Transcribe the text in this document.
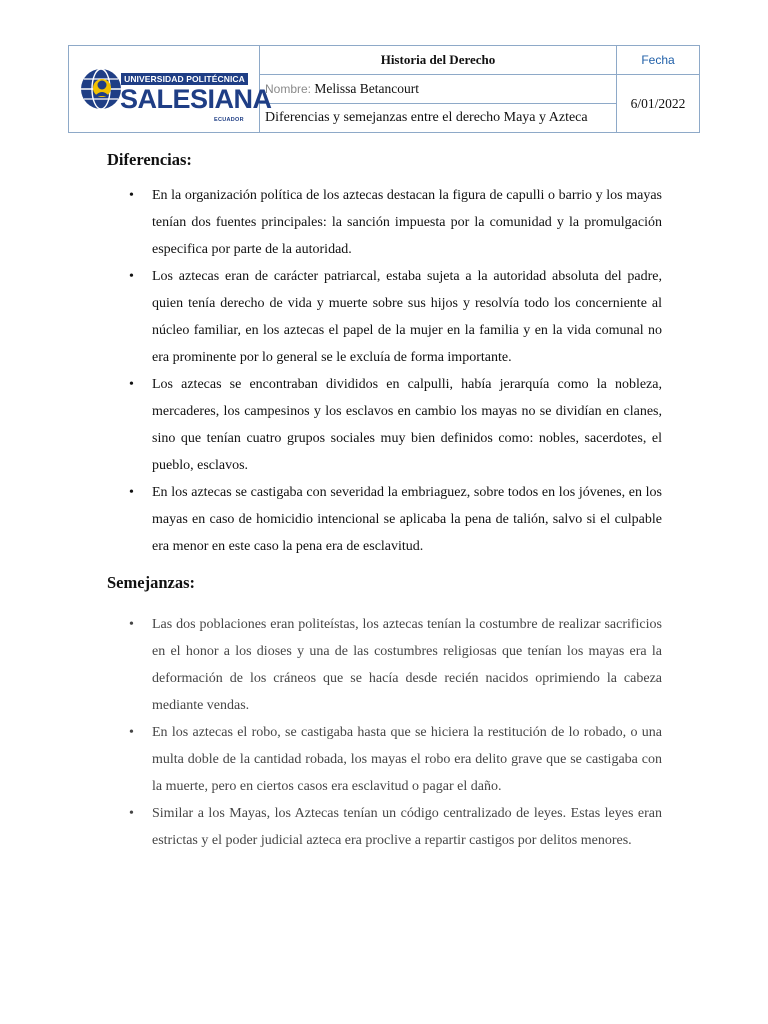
UNIVERSIDAD POLITÉCNICA
SALESIANA
ECUADOR	Historia del Derecho	Fecha
	Nombre: Melissa Betancourt	6/01/2022
	Diferencias y semejanzas entre el derecho Maya y Azteca	
Diferencias:
• En la organización política de los aztecas destacan la figura de capulli o barrio y los mayas tenían dos fuentes principales: la sanción impuesta por la comunidad y la promulgación especifica por parte de la autoridad.
• Los aztecas eran de carácter patriarcal, estaba sujeta a la autoridad absoluta del padre, quien tenía derecho de vida y muerte sobre sus hijos y resolvía todo los concerniente al núcleo familiar, en los aztecas el papel de la mujer en la familia y en la vida comunal no era prominente por lo general se le excluía de forma importante.
• Los aztecas se encontraban divididos en calpulli, había jerarquía como la nobleza, mercaderes, los campesinos y los esclavos en cambio los mayas no se dividían en clanes, sino que tenían cuatro grupos sociales muy bien definidos como: nobles, sacerdotes, el pueblo, esclavos.
• En los aztecas se castigaba con severidad la embriaguez, sobre todos en los jóvenes, en los mayas en caso de homicidio intencional se aplicaba la pena de talión, salvo si el culpable era menor en este caso la pena era de esclavitud.
Semejanzas:
• Las dos poblaciones eran politeístas, los aztecas tenían la costumbre de realizar sacrificios en el honor a los dioses y una de las costumbres religiosas que tenían los mayas era la deformación de los cráneos que se hacía desde recién nacidos oprimiendo la cabeza mediante vendas.
• En los aztecas el robo, se castigaba hasta que se hiciera la restitución de lo robado, o una multa doble de la cantidad robada, los mayas el robo era delito grave que se castigaba con la muerte, pero en ciertos casos era esclavitud o pagar el daño.
• Similar a los Mayas, los Aztecas tenían un código centralizado de leyes. Estas leyes eran estrictas y el poder judicial azteca era proclive a repartir castigos por delitos menores.
